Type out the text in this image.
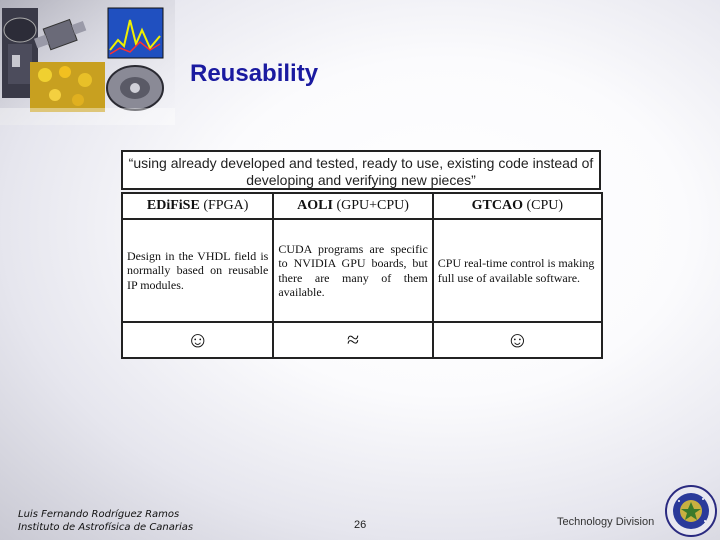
Reusability
“using already developed and tested, ready to use, existing code instead of developing and verifying new pieces”
EDiFiSE (FPGA)	AOLI (GPU+CPU)	GTCAO (CPU)
Design in the VHDL field is normally based on reusable IP modules.	CUDA programs are specific to NVIDIA GPU boards, but there are many of them available.	CPU real-time control is making full use of available software.
☺	≈	☺
Luis Fernando Rodríguez Ramos
Instituto de Astrofísica de Canarias	26	Technology Division
